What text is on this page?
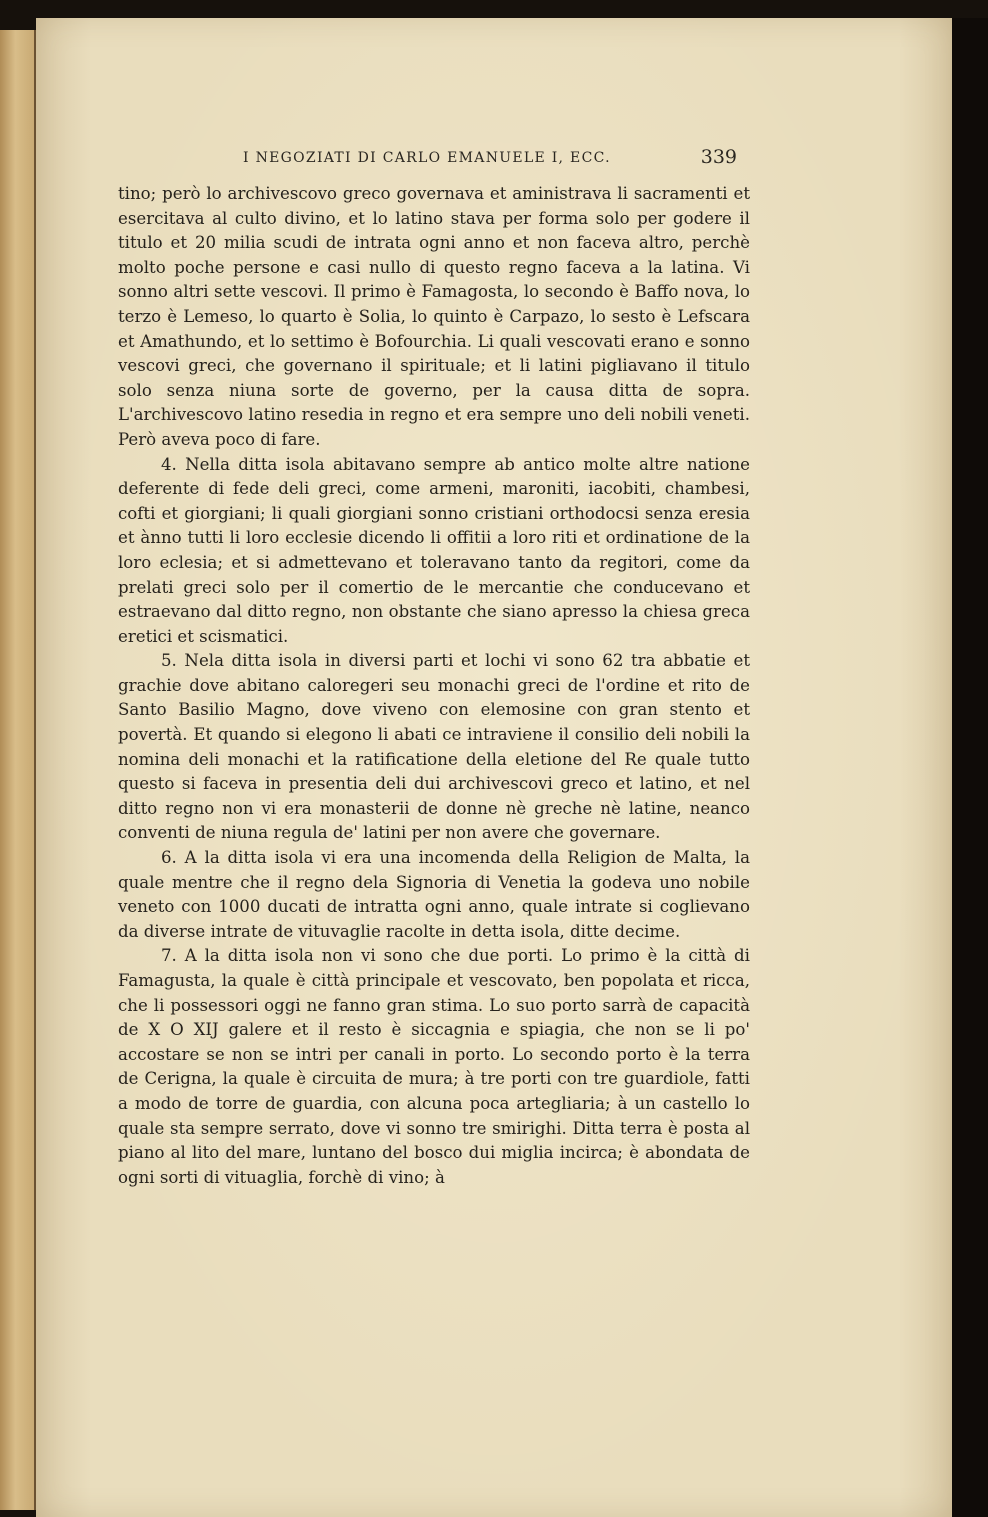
I NEGOZIATI DI CARLO EMANUELE I, ECC.	339

tino; però lo archivescovo greco governava et aministrava li sacramenti et esercitava al culto divino, et lo latino stava per forma solo per godere il titulo et 20 milia scudi de intrata ogni anno et non faceva altro, perchè molto poche persone e casi nullo di questo regno faceva a la latina. Vi sonno altri sette vescovi. Il primo è Famagosta, lo secondo è Baffo nova, lo terzo è Lemeso, lo quarto è Solia, lo quinto è Carpazo, lo sesto è Lefscara et Amathundo, et lo settimo è Bofourchia. Li quali vescovati erano e sonno vescovi greci, che governano il spirituale; et li latini pigliavano il titulo solo senza niuna sorte de governo, per la causa ditta de sopra. L'archivescovo latino resedia in regno et era sempre uno deli nobili veneti. Però aveva poco di fare.

4. Nella ditta isola abitavano sempre ab antico molte altre natione deferente di fede deli greci, come armeni, maroniti, iacobiti, chambesi, cofti et giorgiani; li quali giorgiani sonno cristiani orthodocsi senza eresia et ànno tutti li loro ecclesie dicendo li offitii a loro riti et ordinatione de la loro eclesia; et si admettevano et toleravano tanto da regitori, come da prelati greci solo per il comertio de le mercantie che conducevano et estraevano dal ditto regno, non obstante che siano apresso la chiesa greca eretici et scismatici.

5. Nela ditta isola in diversi parti et lochi vi sono 62 tra abbatie et grachie dove abitano caloregeri seu monachi greci de l'ordine et rito de Santo Basilio Magno, dove viveno con elemosine con gran stento et povertà. Et quando si elegono li abati ce intraviene il consilio deli nobili la nomina deli monachi et la ratificatione della eletione del Re quale tutto questo si faceva in presentia deli dui archivescovi greco et latino, et nel ditto regno non vi era monasterii de donne nè greche nè latine, neanco conventi de niuna regula de' latini per non avere che governare.

6. A la ditta isola vi era una incomenda della Religion de Malta, la quale mentre che il regno dela Signoria di Venetia la godeva uno nobile veneto con 1000 ducati de intratta ogni anno, quale intrate si coglievano da diverse intrate de vituvaglie racolte in detta isola, ditte decime.

7. A la ditta isola non vi sono che due porti. Lo primo è la città di Famagusta, la quale è città principale et vescovato, ben popolata et ricca, che li possessori oggi ne fanno gran stima. Lo suo porto sarrà de capacità de X O XIJ galere et il resto è siccagnia e spiagia, che non se li po' accostare se non se intri per canali in porto. Lo secondo porto è la terra de Cerigna, la quale è circuita de mura; à tre porti con tre guardiole, fatti a modo de torre de guardia, con alcuna poca artegliaria; à un castello lo quale sta sempre serrato, dove vi sonno tre smirighi. Ditta terra è posta al piano al lito del mare, luntano del bosco dui miglia incirca; è abondata de ogni sorti di vituaglia, forchè di vino; à
